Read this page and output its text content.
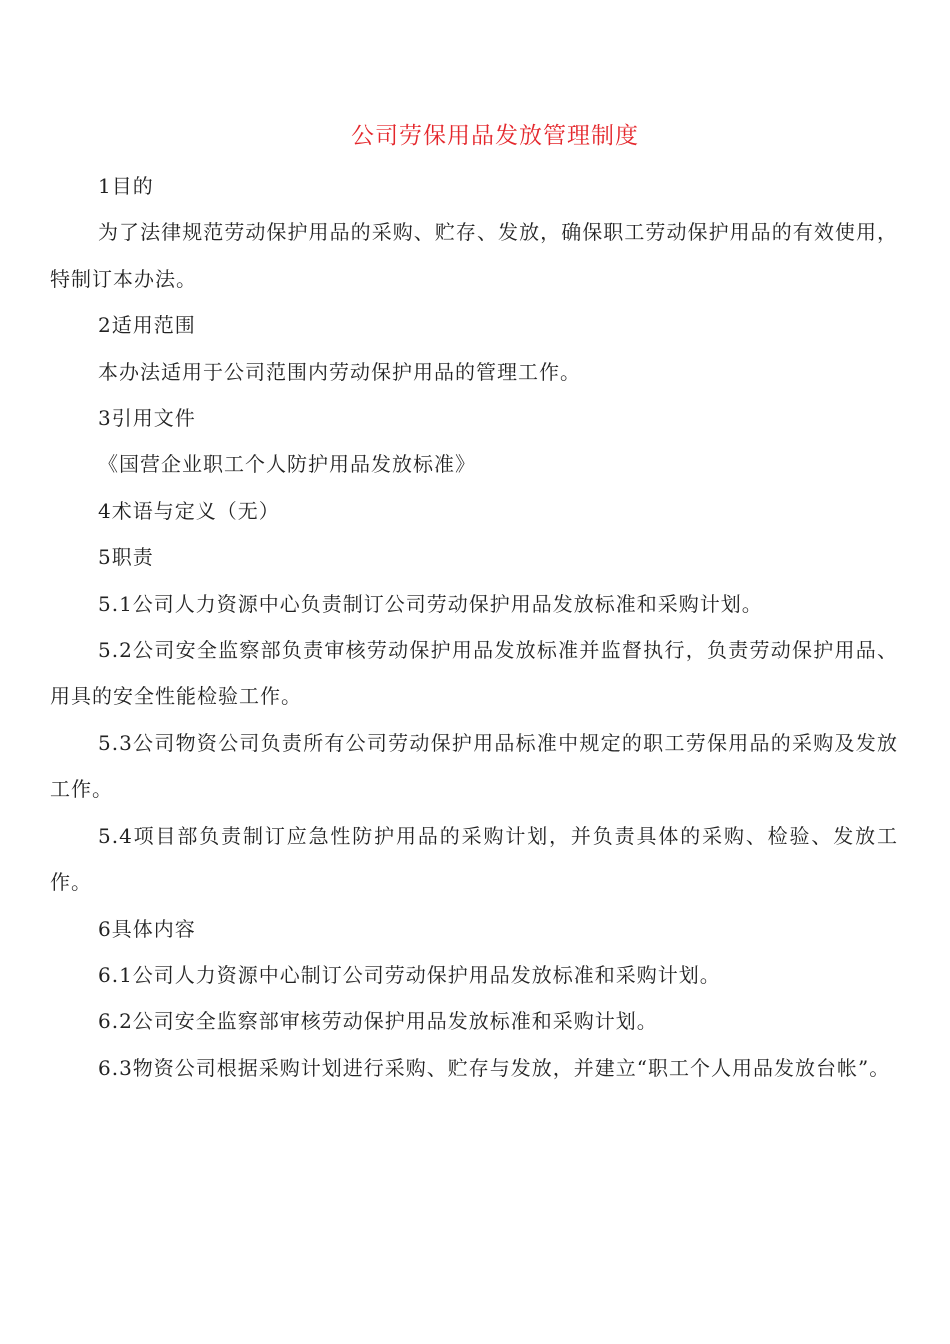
公司劳保用品发放管理制度

1目的

为了法律规范劳动保护用品的采购、贮存、发放，确保职工劳动保护用品的有效使用，特制订本办法。

2适用范围

本办法适用于公司范围内劳动保护用品的管理工作。

3引用文件

《国营企业职工个人防护用品发放标准》

4术语与定义（无）

5职责

5.1公司人力资源中心负责制订公司劳动保护用品发放标准和采购计划。

5.2公司安全监察部负责审核劳动保护用品发放标准并监督执行，负责劳动保护用品、用具的安全性能检验工作。

5.3公司物资公司负责所有公司劳动保护用品标准中规定的职工劳保用品的采购及发放工作。

5.4项目部负责制订应急性防护用品的采购计划，并负责具体的采购、检验、发放工作。

6具体内容

6.1公司人力资源中心制订公司劳动保护用品发放标准和采购计划。

6.2公司安全监察部审核劳动保护用品发放标准和采购计划。

6.3物资公司根据采购计划进行采购、贮存与发放，并建立“职工个人用品发放台帐”。
